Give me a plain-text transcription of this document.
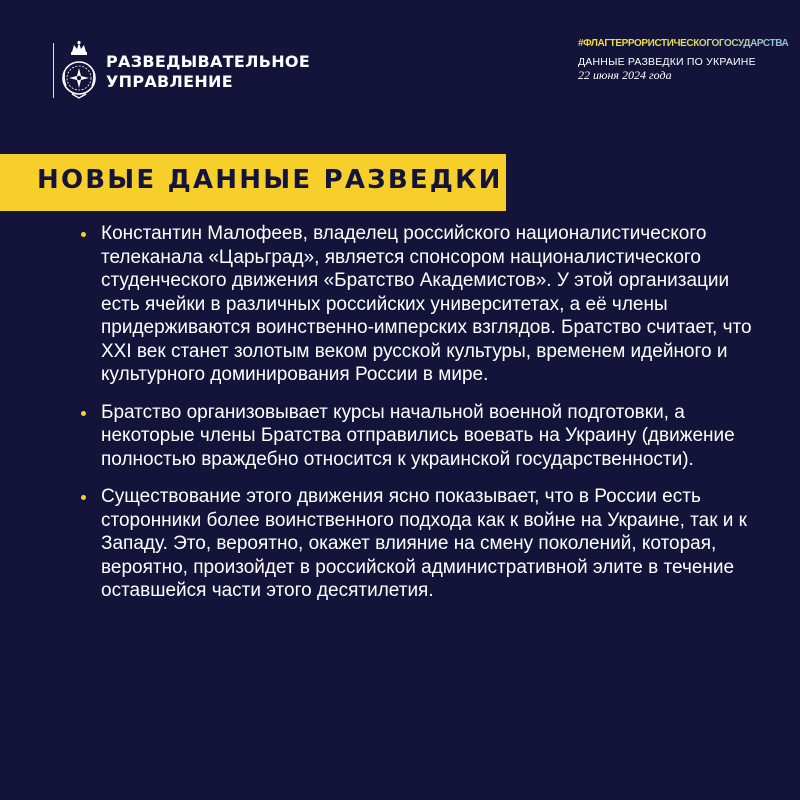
РАЗВЕДЫВАТЕЛЬНОЕ
УПРАВЛЕНИЕ
#ФЛАГТЕРРОРИСТИЧЕСКОГОГОСУДАРСТВА
ДАННЫЕ РАЗВЕДКИ ПО УКРАИНЕ
22 июня 2024 года
НОВЫЕ ДАННЫЕ РАЗВЕДКИ
Константин Малофеев, владелец российского националистического телеканала «Царьград», является спонсором националистического студенческого движения «Братство Академистов». У этой организации есть ячейки в различных российских университетах, а её члены придерживаются воинственно-имперских взглядов. Братство считает, что XXI век станет золотым веком русской культуры, временем идейного и культурного доминирования России в мире.
Братство организовывает курсы начальной военной подготовки, а некоторые члены Братства отправились воевать на Украину (движение полностью враждебно относится к украинской государственности).
Существование этого движения ясно показывает, что в России есть сторонники более воинственного подхода как к войне на Украине, так и к Западу. Это, вероятно, окажет влияние на смену поколений, которая, вероятно, произойдет в российской административной элите в течение оставшейся части этого десятилетия.
